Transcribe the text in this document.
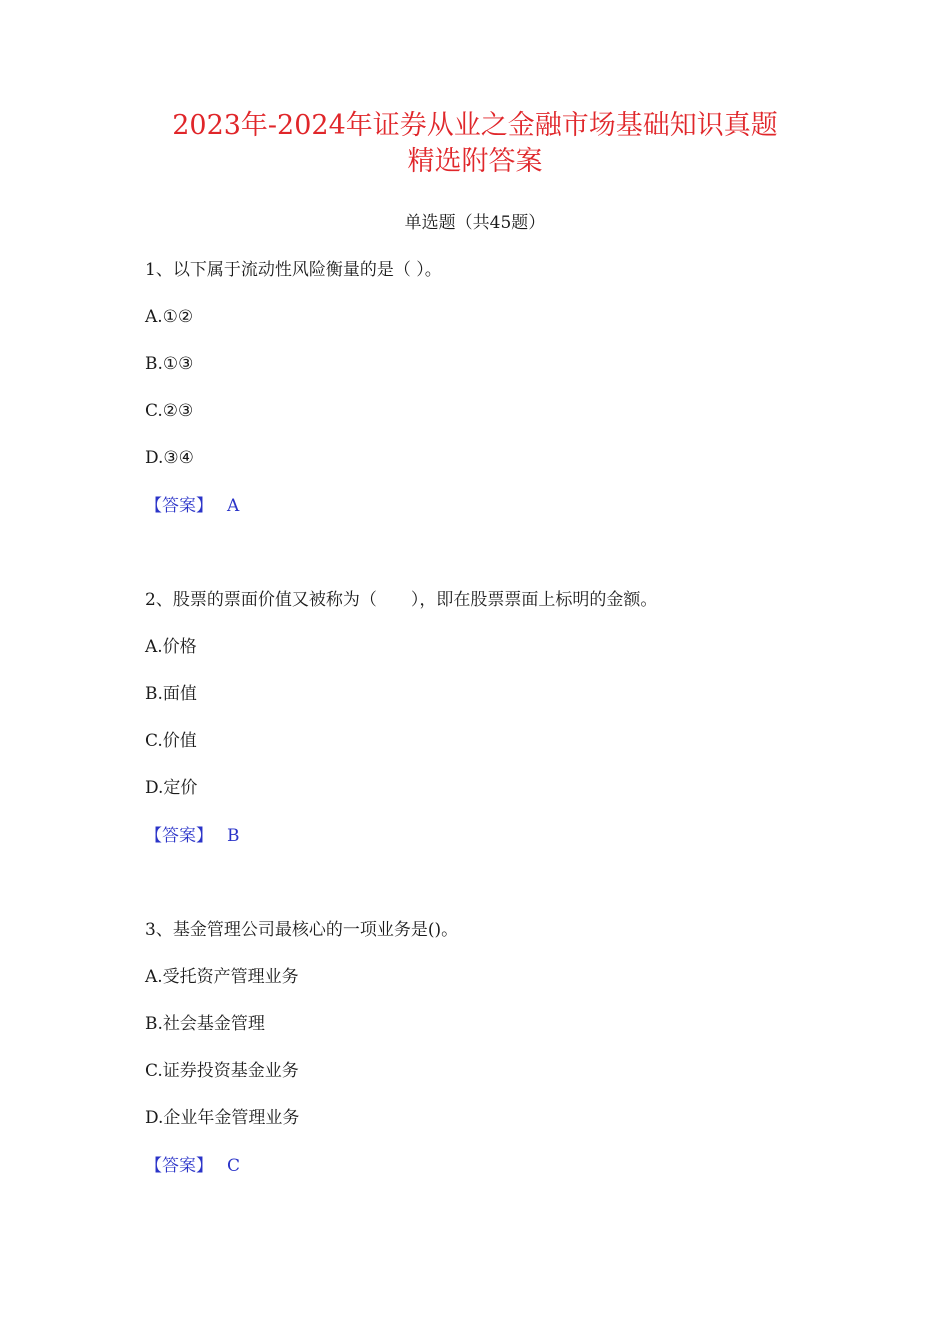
2023年-2024年证券从业之金融市场基础知识真题
精选附答案

单选题（共45题）

1、以下属于流动性风险衡量的是（ ）。

A.①②

B.①③

C.②③

D.③④

【答案】 A

2、股票的票面价值又被称为（　　），即在股票票面上标明的金额。

A.价格

B.面值

C.价值

D.定价

【答案】 B

3、基金管理公司最核心的一项业务是()。

A.受托资产管理业务

B.社会基金管理

C.证券投资基金业务

D.企业年金管理业务

【答案】 C
